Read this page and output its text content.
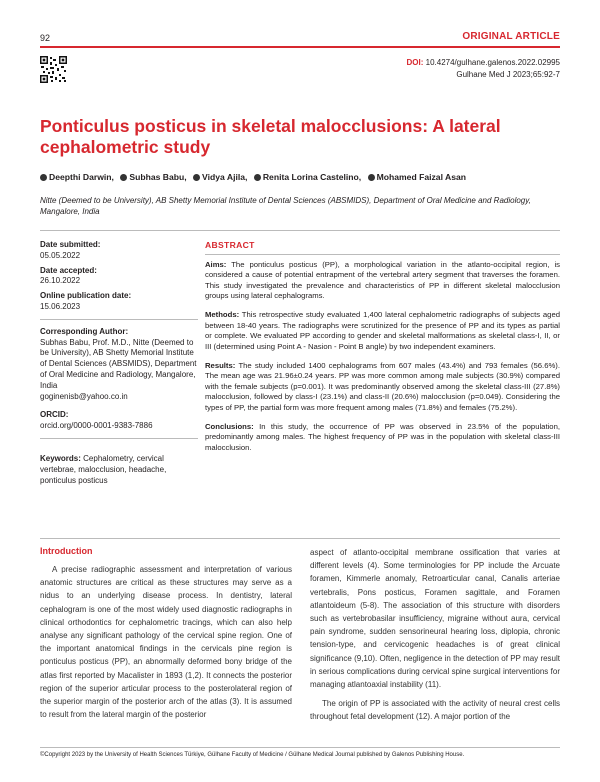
92	ORIGINAL ARTICLE
DOI: 10.4274/gulhane.galenos.2022.02995
Gulhane Med J 2023;65:92-7
Ponticulus posticus in skeletal malocclusions: A lateral cephalometric study
Deepthi Darwin, Subhas Babu, Vidya Ajila, Renita Lorina Castelino, Mohamed Faizal Asan
Nitte (Deemed to be University), AB Shetty Memorial Institute of Dental Sciences (ABSMIDS), Department of Oral Medicine and Radiology, Mangalore, India
Date submitted:
05.05.2022
Date accepted:
26.10.2022
Online publication date:
15.06.2023
Corresponding Author:
Subhas Babu, Prof. M.D., Nitte (Deemed to be University), AB Shetty Memorial Institute of Dental Sciences (ABSMIDS), Department of Oral Medicine and Radiology, Mangalore, India
goginenisb@yahoo.co.in
ORCID:
orcid.org/0000-0001-9383-7886
Keywords: Cephalometry, cervical vertebrae, malocclusion, headache, ponticulus posticus
ABSTRACT

Aims: The ponticulus posticus (PP), a morphological variation in the atlanto-occipital region, is considered a cause of potential entrapment of the vertebral artery segment that traverses the foramen. This study investigated the prevalence and characteristics of PP in different skeletal malocclusion groups using lateral cephalograms.

Methods: This retrospective study evaluated 1,400 lateral cephalometric radiographs of subjects aged between 18-40 years. The radiographs were scrutinized for the presence of PP and its types as partial or complete. We evaluated PP according to gender and skeletal malformations as skeletal class-I, II, or III (determined using Point A - Nasion - Point B angle) by two independent examiners.

Results: The study included 1400 cephalograms from 607 males (43.4%) and 793 females (56.6%). The mean age was 21.96±0.24 years. PP was more common among male subjects (30.9%) compared with the female subjects (p=0.001). It was predominantly observed among the skeletal class-III (27.8%) malocclusion, followed by class-I (23.1%) and class-II (20.6%) malocclusion (p=0.049). Considering the types of PP, the partial form was more frequent among males (71.8%) and females (75.2%).

Conclusions: In this study, the occurrence of PP was observed in 23.5% of the population, predominantly among males. The highest frequency of PP was in the population with skeletal class-III malocclusion.

Introduction

A precise radiographic assessment and interpretation of various anatomic structures are critical as these structures may serve as a nidus to an underlying disease process. In dentistry, lateral cephalogram is one of the most widely used diagnostic radiographs in clinical orthodontics for cephalometric tracings, which can also help analyse any significant pathology of the cervical spine region. One of the important anatomical findings in the cervicals pine region is ponticulus posticus (PP), an abnormally deformed bony bridge of the atlas first reported by Macalister in 1893 (1,2). It connects the posterior region of the superior articular process to the posterolateral region of the superior margin of the posterior arch of the atlas (3). It is assumed to result from the lateral margin of the posterior

aspect of atlanto-occipital membrane ossification that varies at different levels (4). Some terminologies for PP include the Arcuate foramen, Kimmerle anomaly, Retroarticular canal, Canalis arteriae vertebralis, Pons posticus, Foramen sagittale, and Foramen atlantoideum (5-8). The association of this structure with disorders such as vertebrobasilar insufficiency, migraine without aura, cervical pain syndrome, sudden sensorineural hearing loss, diplopia, chronic tension-type, and cervicogenic headaches is of great clinical significance (9,10). Often, negligence in the detection of PP may result in serious complications during cervical spine surgical interventions for managing atlantoaxial instability (11).

The origin of PP is associated with the activity of neural crest cells throughout fetal development (12). A major portion of the

©Copyright 2023 by the University of Health Sciences Türkiye, Gülhane Faculty of Medicine / Gülhane Medical Journal published by Galenos Publishing House.
